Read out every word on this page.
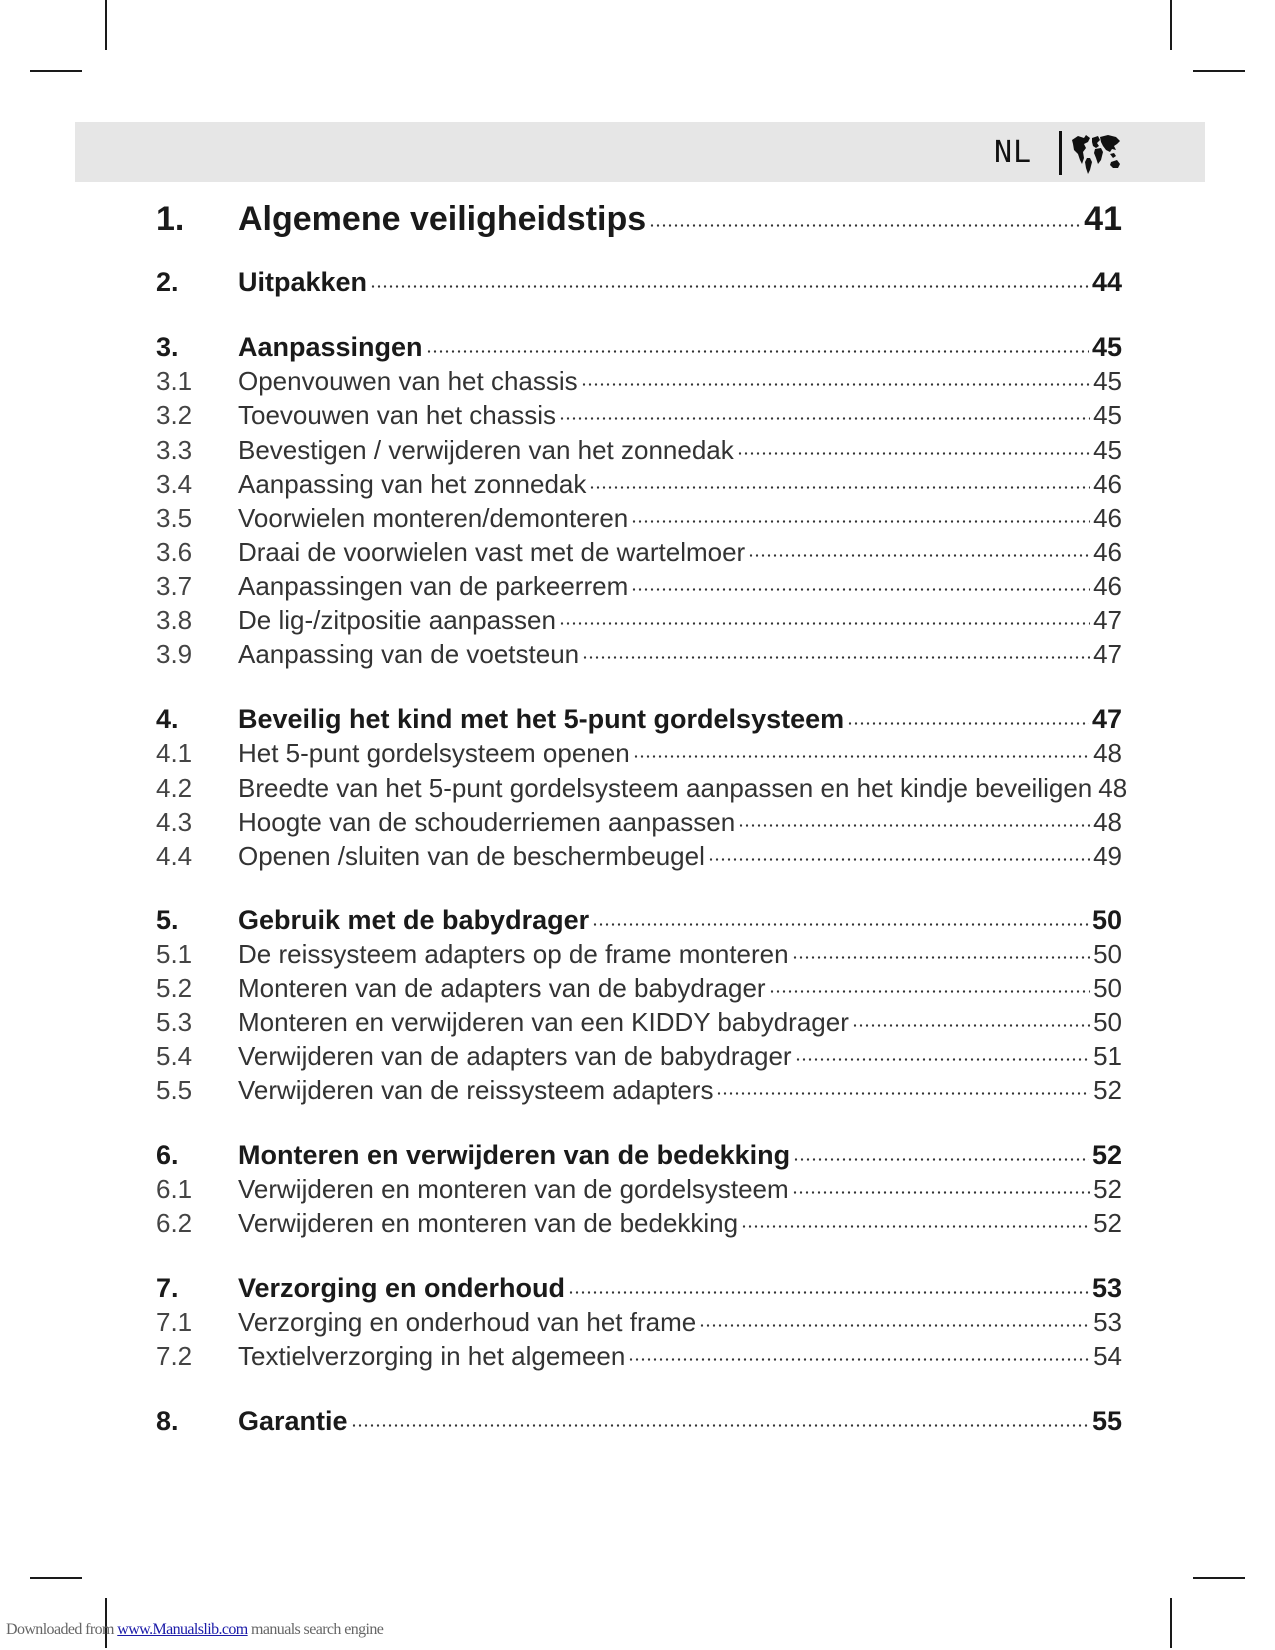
NL
1.	Algemene veiligheidstips	41
2.	Uitpakken	44
3.	Aanpassingen	45
3.1	Openvouwen van het chassis	45
3.2	Toevouwen van het chassis	45
3.3	Bevestigen / verwijderen van het zonnedak	45
3.4	Aanpassing van het zonnedak	46
3.5	Voorwielen monteren/demonteren	46
3.6	Draai de voorwielen vast met de wartelmoer	46
3.7	Aanpassingen van de parkeerrem	46
3.8	De lig-/zitpositie aanpassen	47
3.9	Aanpassing van de voetsteun	47
4.	Beveilig het kind met het 5-punt gordelsysteem	47
4.1	Het 5-punt gordelsysteem openen	48
4.2	Breedte van het 5-punt gordelsysteem aanpassen en het kindje beveiligen 48
4.3	Hoogte van de schouderriemen aanpassen	48
4.4	Openen /sluiten van de beschermbeugel	49
5.	Gebruik met de babydrager	50
5.1	De reissysteem adapters op de frame monteren	50
5.2	Monteren van de adapters van de babydrager	50
5.3	Monteren en verwijderen van een KIDDY babydrager	50
5.4	Verwijderen van de adapters van de babydrager	51
5.5	Verwijderen van de reissysteem adapters	52
6.	Monteren en verwijderen van de bedekking	52
6.1	Verwijderen en monteren van de gordelsysteem	52
6.2	Verwijderen en monteren van de bedekking	52
7.	Verzorging en onderhoud	53
7.1	Verzorging en onderhoud van het frame	53
7.2	Textielverzorging in het algemeen	54
8.	Garantie	55
Downloaded from www.Manualslib.com manuals search engine
